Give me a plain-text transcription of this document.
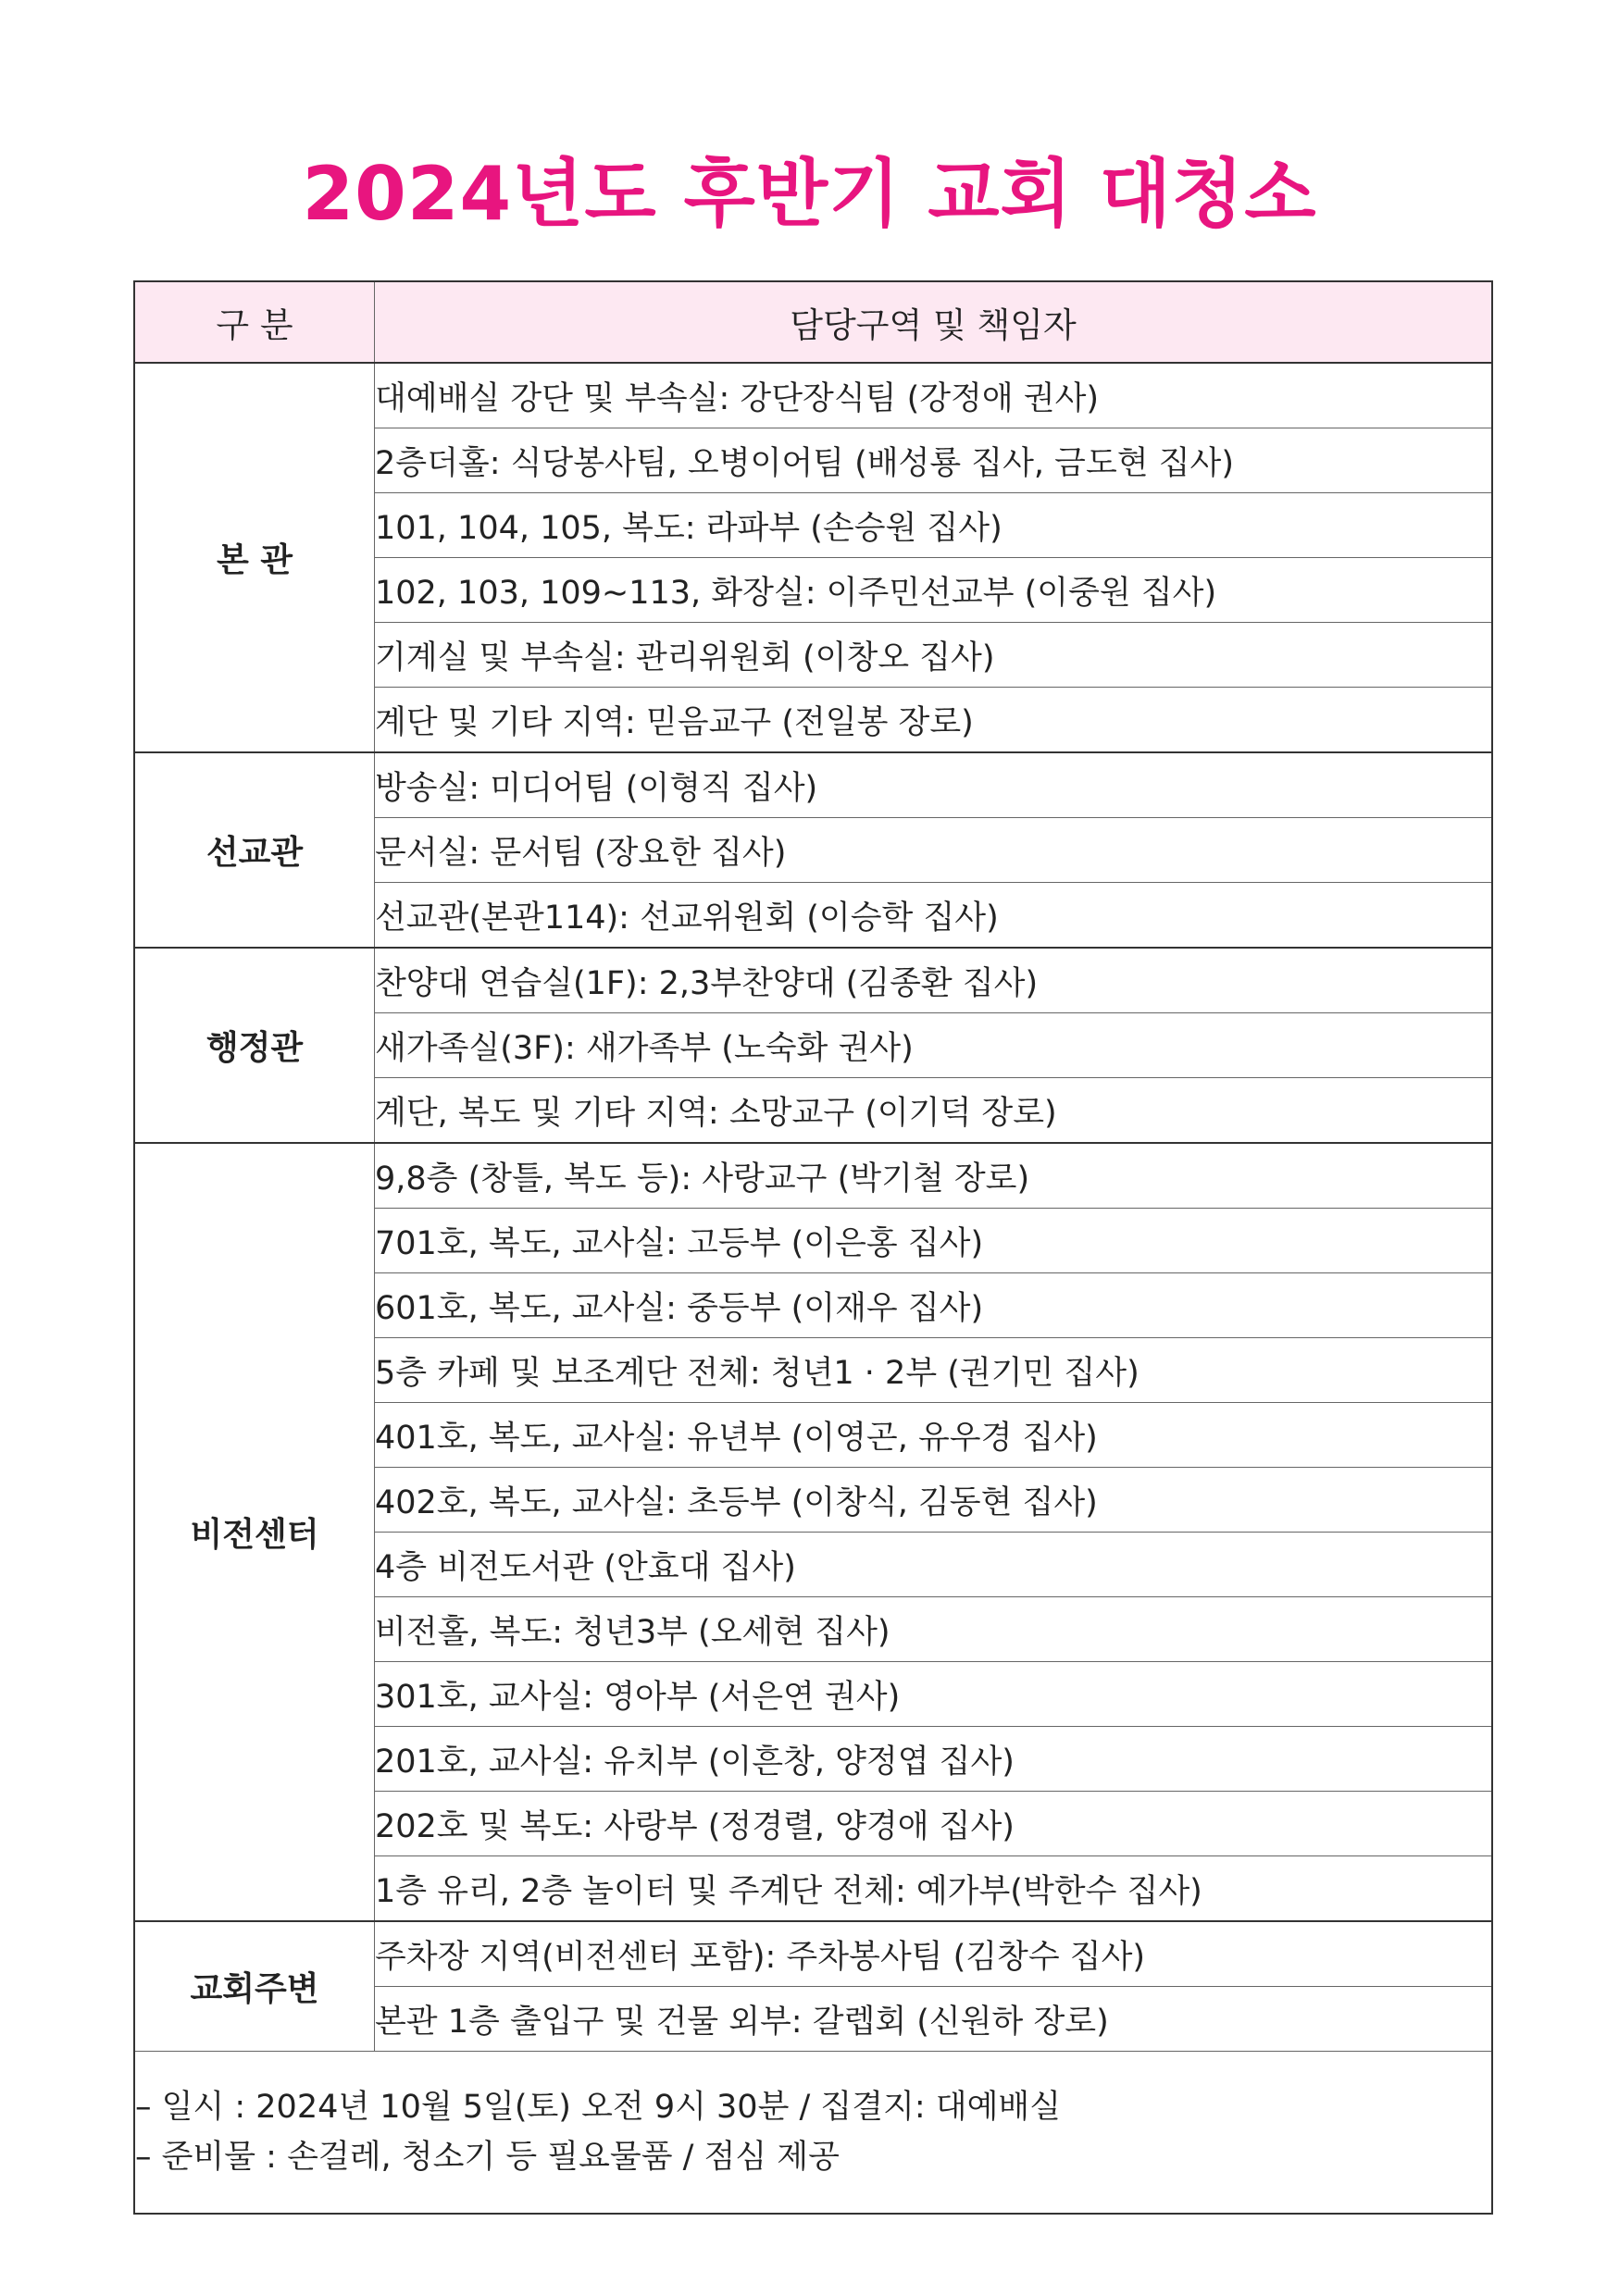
2024년도 후반기 교회 대청소
구 분	담당구역 및 책임자
본 관	대예배실 강단 및 부속실: 강단장식팀 (강정애 권사)
	2층더홀: 식당봉사팀, 오병이어팀 (배성룡 집사, 금도현 집사)
	101, 104, 105, 복도: 라파부 (손승원 집사)
	102, 103, 109∼113, 화장실: 이주민선교부 (이중원 집사)
	기계실 및 부속실: 관리위원회 (이창오 집사)
	계단 및 기타 지역: 믿음교구 (전일봉 장로)
선교관	방송실: 미디어팀 (이형직 집사)
	문서실: 문서팀 (장요한 집사)
	선교관(본관114): 선교위원회 (이승학 집사)
행정관	찬양대 연습실(1F): 2,3부찬양대 (김종환 집사)
	새가족실(3F): 새가족부 (노숙화 권사)
	계단, 복도 및 기타 지역: 소망교구 (이기덕 장로)
비전센터	9,8층 (창틀, 복도 등): 사랑교구 (박기철 장로)
	701호, 복도, 교사실: 고등부 (이은홍 집사)
	601호, 복도, 교사실: 중등부 (이재우 집사)
	5층 카페 및 보조계단 전체: 청년1 · 2부 (권기민 집사)
	401호, 복도, 교사실: 유년부 (이영곤, 유우경 집사)
	402호, 복도, 교사실: 초등부 (이창식, 김동현 집사)
	4층 비전도서관 (안효대 집사)
	비전홀, 복도: 청년3부 (오세현 집사)
	301호, 교사실: 영아부 (서은연 권사)
	201호, 교사실: 유치부 (이흔창, 양정엽 집사)
	202호 및 복도: 사랑부 (정경렬, 양경애 집사)
	1층 유리, 2층 놀이터 및 주계단 전체: 예가부(박한수 집사)
교회주변	주차장 지역(비전센터 포함): 주차봉사팀 (김창수 집사)
	본관 1층 출입구 및 건물 외부: 갈렙회 (신원하 장로)

– 일시 : 2024년 10월 5일(토) 오전 9시 30분 / 집결지: 대예배실
– 준비물 : 손걸레, 청소기 등 필요물품 / 점심 제공	
